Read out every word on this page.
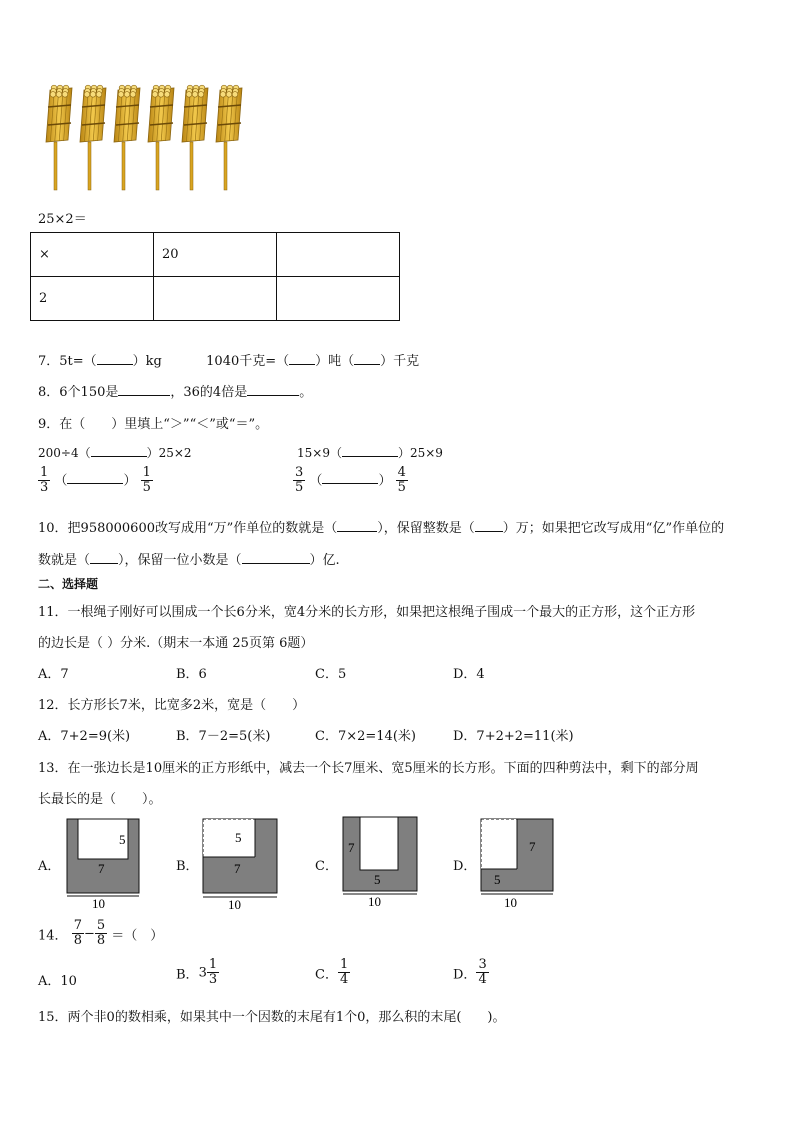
25×2＝
×	20	
2		
7．5t=（	）kg	1040千克=（ ）吨（ ）千克
8．6个150是	，36的4倍是	。
9．在（　　）里填上“＞”“＜”或“＝”。
200÷4（	）25×2	15×9（	）25×9
$\frac{1}{3}$ （	） $\frac{1}{5}$	$\frac{3}{5}$ （	） $\frac{4}{5}$
10．把958000600改写成用“万”作单位的数就是（	），保留整数是（ ）万；如果把它改写成用“亿”作单位的
数就是（ ），保留一位小数是（	）亿.
二、选择题
11．一根绳子刚好可以围成一个长6分米，宽4分米的长方形，如果把这根绳子围成一个最大的正方形，这个正方形
的边长是（ ）分米.（期末一本通 25页第 6题）
A．7	B．6	C．5	D．4
12．长方形长7米，比宽多2米，宽是（　　）
A．7+2=9(米)	B．7－2=5(米)	C．7×2=14(米)	D．7+2+2=11(米)
13．在一张边长是10厘米的正方形纸中，减去一个长7厘米、宽5厘米的长方形。下面的四种剪法中，剩下的部分周
长最长的是（　　）。
A．
5
7
10
B．
5
7
10
C．
7
5
10
D．
7
5
10
14． $\frac{7}{8} - \frac{5}{8}$ ＝（　）
A．10	B．$3 \frac{1}{3}$	C． $\frac{1}{4}$	D． $\frac{3}{4}$
15．两个非0的数相乘，如果其中一个因数的末尾有1个0，那么积的末尾(　　)。
